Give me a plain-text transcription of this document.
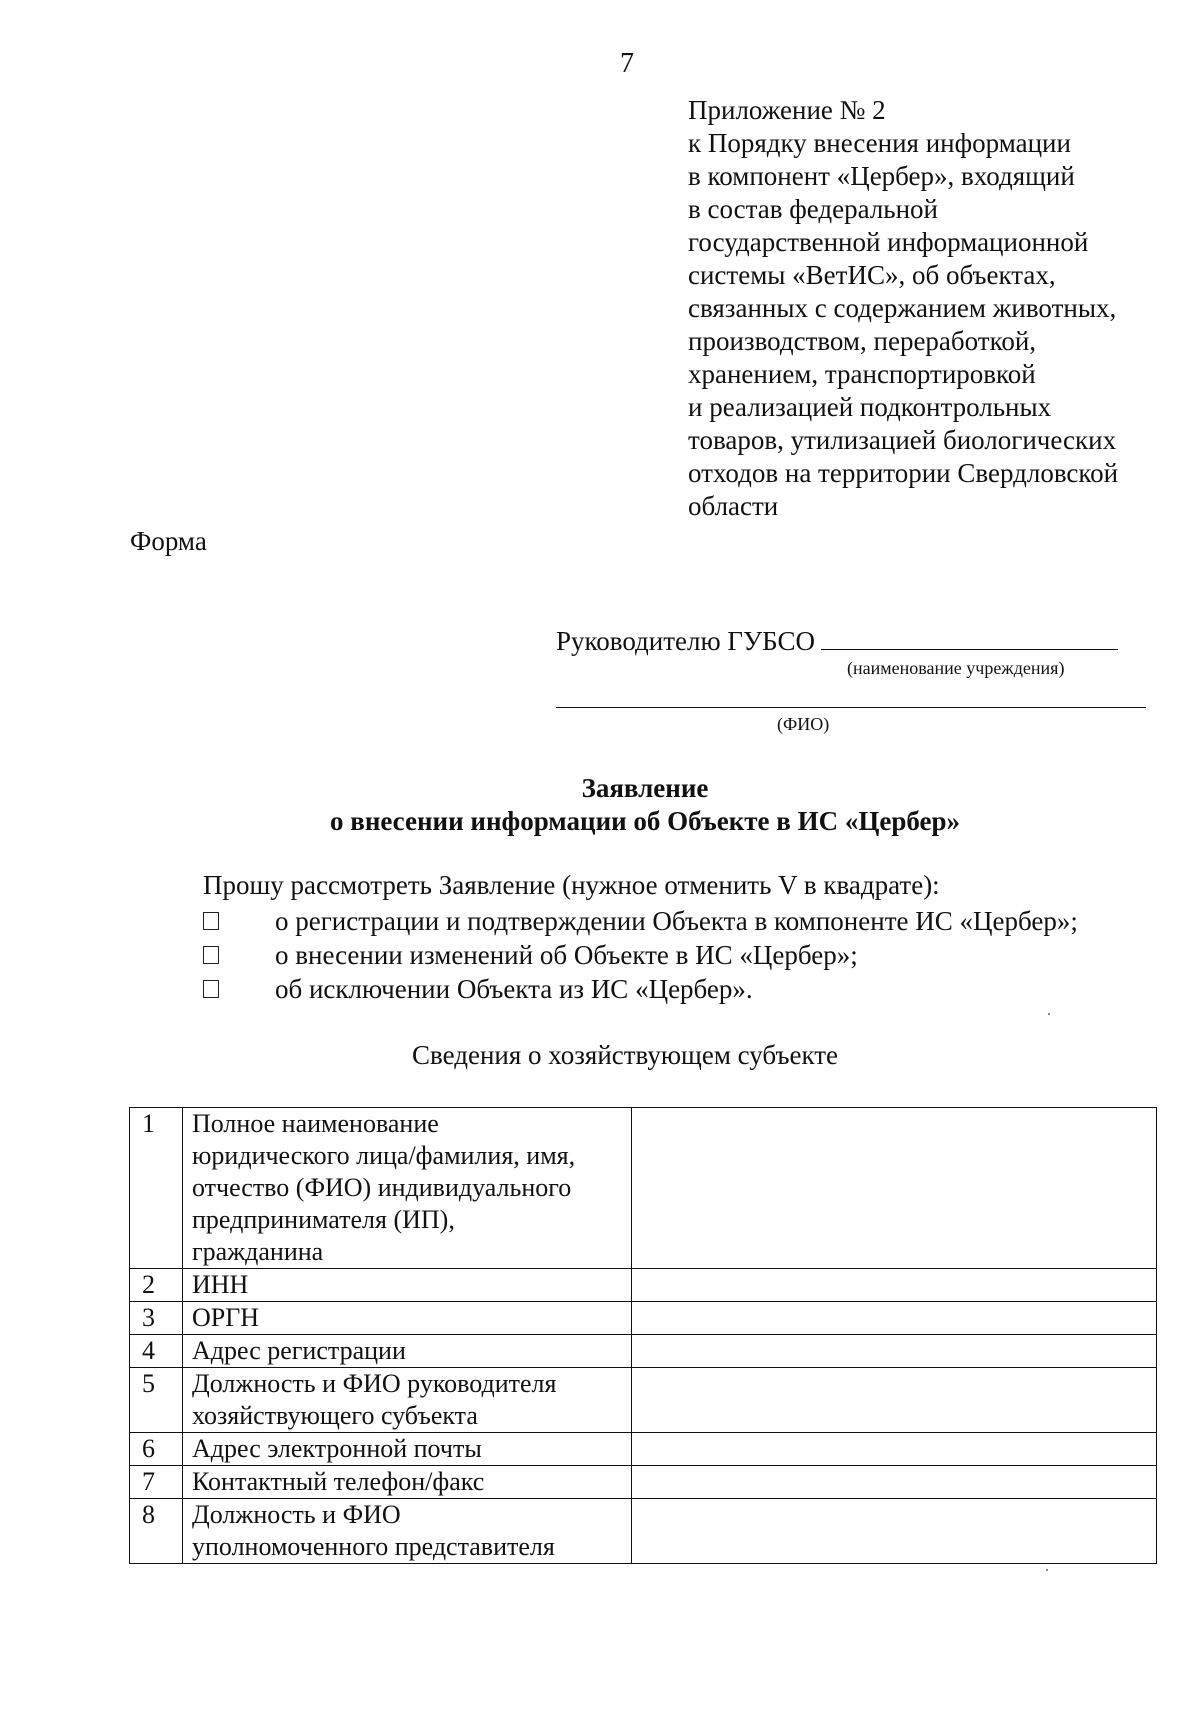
7
Приложение № 2
к Порядку внесения информации
в компонент «Цербер», входящий
в состав федеральной
государственной информационной
системы «ВетИС», об объектах,
связанных с содержанием животных,
производством, переработкой,
хранением, транспортировкой
и реализацией подконтрольных
товаров, утилизацией биологических
отходов на территории Свердловской
области
Форма
Руководителю ГУБСО
(наименование учреждения)
(ФИО)
Заявление
о внесении информации об Объекте в ИС «Цербер»
Прошу рассмотреть Заявление (нужное отменить V в квадрате):
о регистрации и подтверждении Объекта в компоненте ИС «Цербер»;
о внесении изменений об Объекте в ИС «Цербер»;
об исключении Объекта из ИС «Цербер».
Сведения о хозяйствующем субъекте
1	Полное наименование
юридического лица/фамилия, имя,
отчество (ФИО) индивидуального
предпринимателя (ИП),
гражданина	

2	ИНН	

3	ОРГН	

4	Адрес регистрации	

5	Должность и ФИО руководителя
хозяйствующего субъекта	

6	Адрес электронной почты	

7	Контактный телефон/факс	

8	Должность и ФИО
уполномоченного представителя	
